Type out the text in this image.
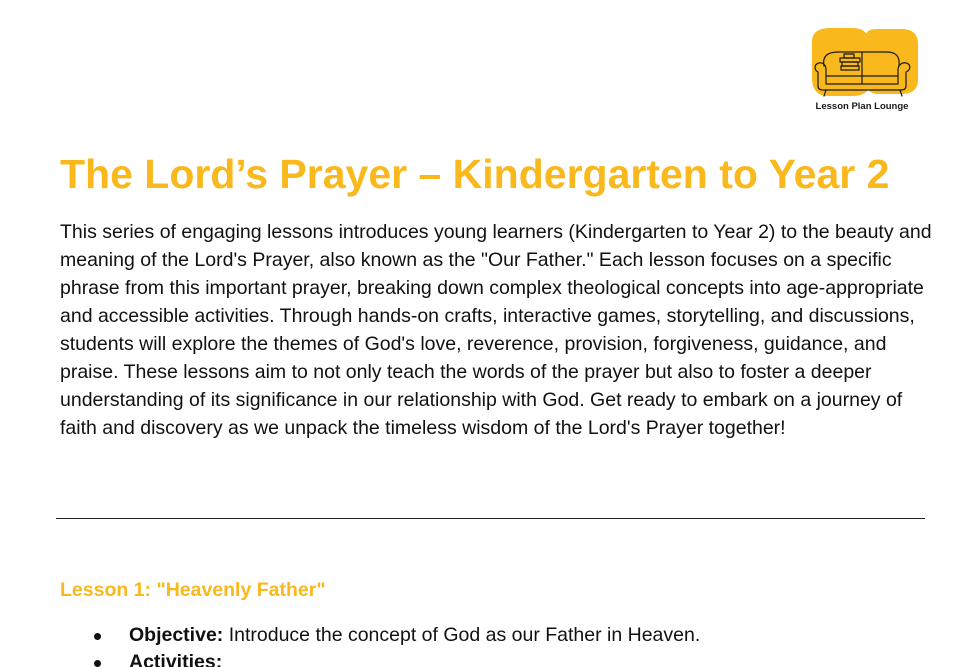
Lesson Plan Lounge
The Lord’s Prayer – Kindergarten to Year 2

This series of engaging lessons introduces young learners (Kindergarten to Year 2) to the beauty and meaning of the Lord's Prayer, also known as the "Our Father." Each lesson focuses on a specific phrase from this important prayer, breaking down complex theological concepts into age-appropriate and accessible activities. Through hands-on crafts, interactive games, storytelling, and discussions, students will explore the themes of God's love, reverence, provision, forgiveness, guidance, and praise. These lessons aim to not only teach the words of the prayer but also to foster a deeper understanding of its significance in our relationship with God. Get ready to embark on a journey of faith and discovery as we unpack the timeless wisdom of the Lord's Prayer together!

Lesson 1: "Heavenly Father"
Objective: Introduce the concept of God as our Father in Heaven.
Activities:
